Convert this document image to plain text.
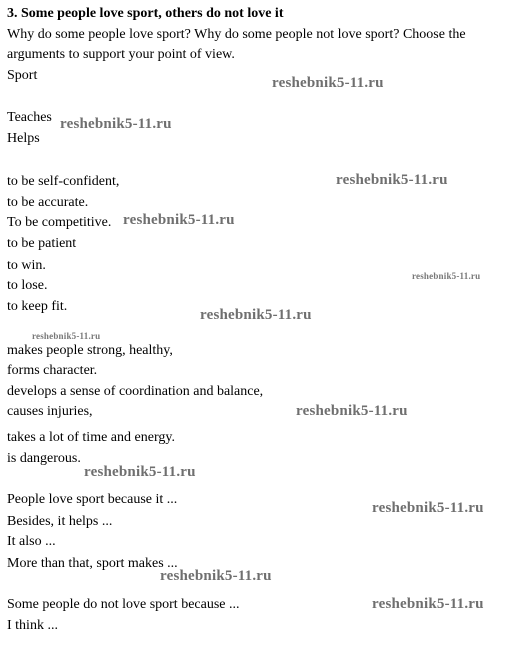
3. Some people love sport, others do not love it
Why do some people love sport? Why do some people not love sport? Choose the
arguments to support your point of view.
Sport
Teaches
Helps
to be self-confident,
to be accurate.
To be competitive.
to be patient
to win.
to lose.
to keep fit.
makes people strong, healthy,
forms character.
develops a sense of coordination and balance,
causes injuries,
takes a lot of time and energy.
is dangerous.
People love sport because it ...
Besides, it helps ...
It also ...
More than that, sport makes ...
Some people do not love sport because ...
I think ...
reshebnik5-11.ru
reshebnik5-11.ru
reshebnik5-11.ru
reshebnik5-11.ru
reshebnik5-11.ru
reshebnik5-11.ru
reshebnik5-11.ru
reshebnik5-11.ru
reshebnik5-11.ru
reshebnik5-11.ru
reshebnik5-11.ru
reshebnik5-11.ru
